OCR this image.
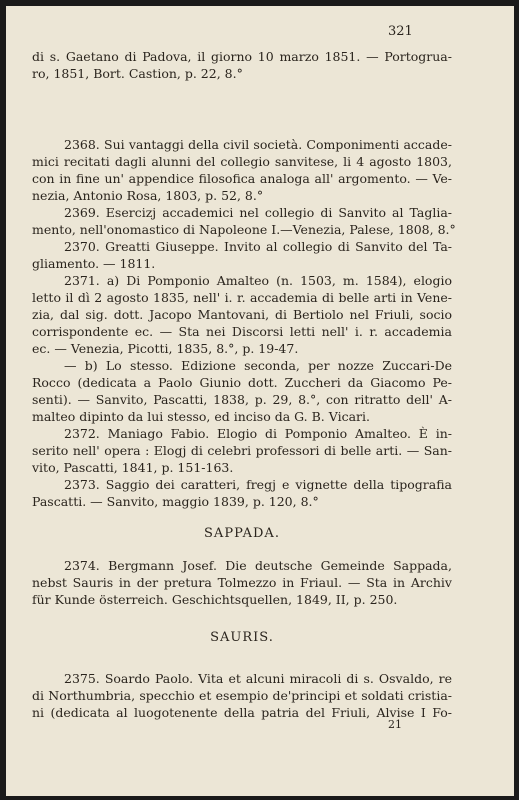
321
di s. Gaetano di Padova, il giorno 10 marzo 1851. — Portogrua-
ro, 1851, Bort. Castion, p. 22, 8.°
2368. Sui vantaggi della civil società. Componimenti accade-
mici recitati dagli alunni del collegio sanvitese, li 4 agosto 1803,
con in fine un' appendice filosofica analoga all' argomento. — Ve-
nezia, Antonio Rosa, 1803, p. 52, 8.°
2369. Esercizj accademici nel collegio di Sanvito al Taglia-
mento, nell'onomastico di Napoleone I.—Venezia, Palese, 1808, 8.°
2370. Greatti Giuseppe. Invito al collegio di Sanvito del Ta-
gliamento. — 1811.
2371. a) Di Pomponio Amalteo (n. 1503, m. 1584), elogio
letto il dì 2 agosto 1835, nell' i. r. accademia di belle arti in Vene-
zia, dal sig. dott. Jacopo Mantovani, di Bertiolo nel Friuli, socio
corrispondente ec. — Sta nei Discorsi letti nell' i. r. accademia
ec. — Venezia, Picotti, 1835, 8.°, p. 19-47.
— b) Lo stesso. Edizione seconda, per nozze Zuccari-De
Rocco (dedicata a Paolo Giunio dott. Zuccheri da Giacomo Pe-
senti). — Sanvito, Pascatti, 1838, p. 29, 8.°, con ritratto dell' A-
malteo dipinto da lui stesso, ed inciso da G. B. Vicari.
2372. Maniago Fabio. Elogio di Pomponio Amalteo. È in-
serito nell' opera : Elogj di celebri professori di belle arti. — San-
vito, Pascatti, 1841, p. 151-163.
2373. Saggio dei caratteri, fregj e vignette della tipografia
Pascatti. — Sanvito, maggio 1839, p. 120, 8.°
SAPPADA.
2374. Bergmann Josef. Die deutsche Gemeinde Sappada,
nebst Sauris in der pretura Tolmezzo in Friaul. — Sta in Archiv
für Kunde österreich. Geschichtsquellen, 1849, II, p. 250.
SAURIS.
2375. Soardo Paolo. Vita et alcuni miracoli di s. Osvaldo, re
di Northumbria, specchio et esempio de'principi et soldati cristia-
ni (dedicata al luogotenente della patria del Friuli, Alvise I Fo-
21
